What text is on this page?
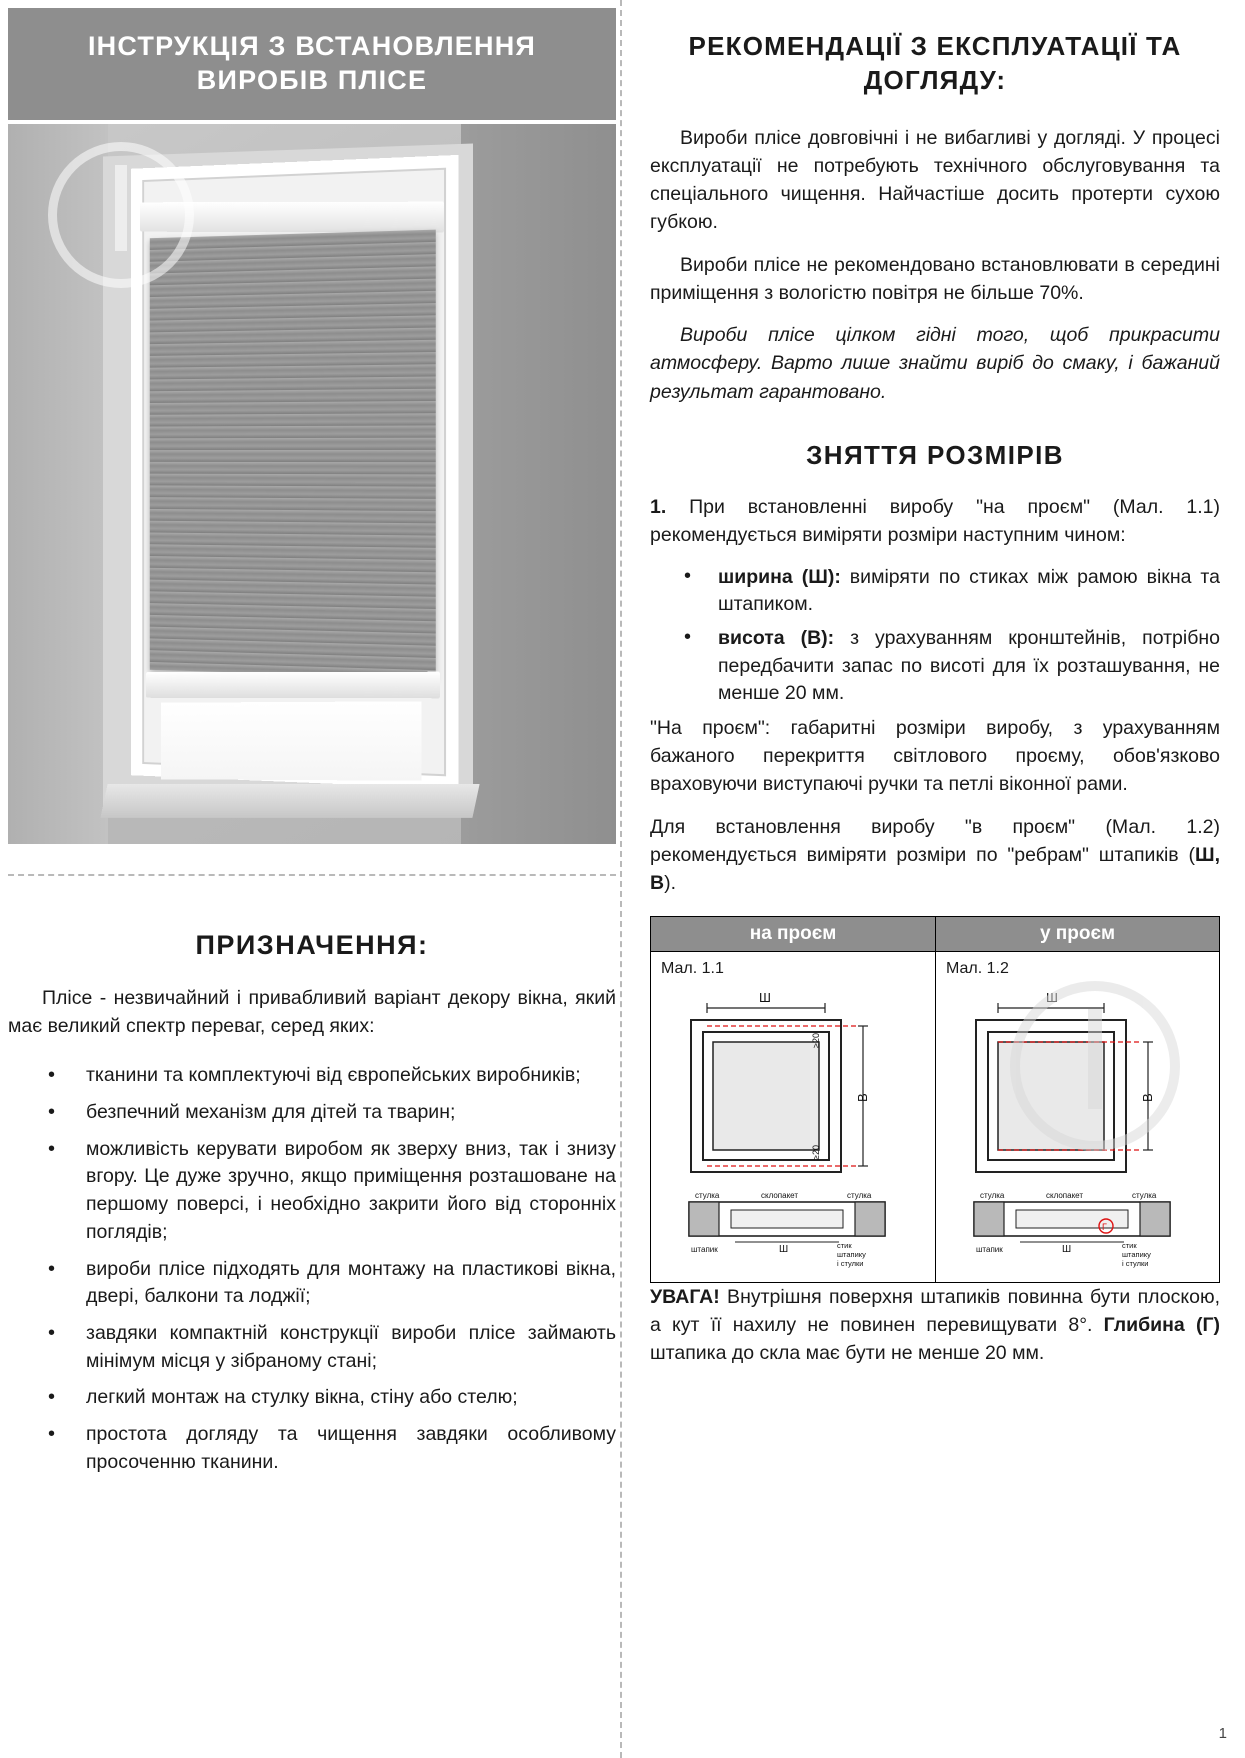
ІНСТРУКЦІЯ З ВСТАНОВЛЕННЯ ВИРОБІВ ПЛІСЕ
ПРИЗНАЧЕННЯ:

Пліcе - незвичайний і привабливий варіант декору вікна, який має великий спектр переваг, серед яких:

• тканини та комплектуючі від європейських виробників;
• безпечний механізм для дітей та тварин;
• можливість керувати виробом як зверху вниз, так і знизу вгору. Це дуже зручно, якщо приміщення розташоване на першому поверсі, і необхідно закрити його від сторонніх поглядів;
• вироби пліcе підходять для монтажу на пластикові вікна, двері, балкони та лоджії;
• завдяки компактній конструкції вироби пліcе займають мінімум місця у зібраному стані;
• легкий монтаж на стулку вікна, стіну або стелю;
• простота догляду та чищення завдяки особливому просоченню тканини.
РЕКОМЕНДАЦІЇ З ЕКСПЛУАТАЦІЇ ТА ДОГЛЯДУ:

Вироби пліcе довговічні і не вибагливі у догляді. У процесі експлуатації не потребують технічного обслуговування та спеціального чищення. Найчастіше досить протерти сухою губкою.

Вироби пліcе не рекомендовано встановлювати в середині приміщення з вологістю повітря не більше 70%.

Вироби пліcе цілком гідні того, щоб прикрасити атмосферу. Варто лише знайти виріб до смаку, і бажаний результат гарантовано.

ЗНЯТТЯ РОЗМІРІВ

1. При встановленні виробу "на проєм" (Мал. 1.1) рекомендується виміряти розміри наступним чином:

• ширина (Ш): виміряти по стиках між рамою вікна та штапиком.
• висота (В): з урахуванням кронштейнів, потрібно передбачити запас по висоті для їх розташування, не менше 20 мм.

"На проєм": габаритні розміри виробу, з урахуванням бажаного перекриття світлового проєму, обов'язково враховуючи виступаючі ручки та петлі віконної рами.

Для встановлення виробу "в проєм" (Мал. 1.2) рекомендується виміряти розміри по "ребрам" штапиків (Ш, В).

на проєм
Мал. 1.1
Ш
В
≥20
≥20
стулка	склопакет	стулка
штапик	Ш	стик
штапику
і стулки
у проєм
Мал. 1.2
Ш
В
Г
стулка	склопакет	стулка
штапик	Ш	стик
штапику
і стулки

УВАГА! Внутрішня поверхня штапиків повинна бути плоскою, а кут її нахилу не повинен перевищувати 8°. Глибина (Г) штапика до скла має бути не менше 20 мм.

1
